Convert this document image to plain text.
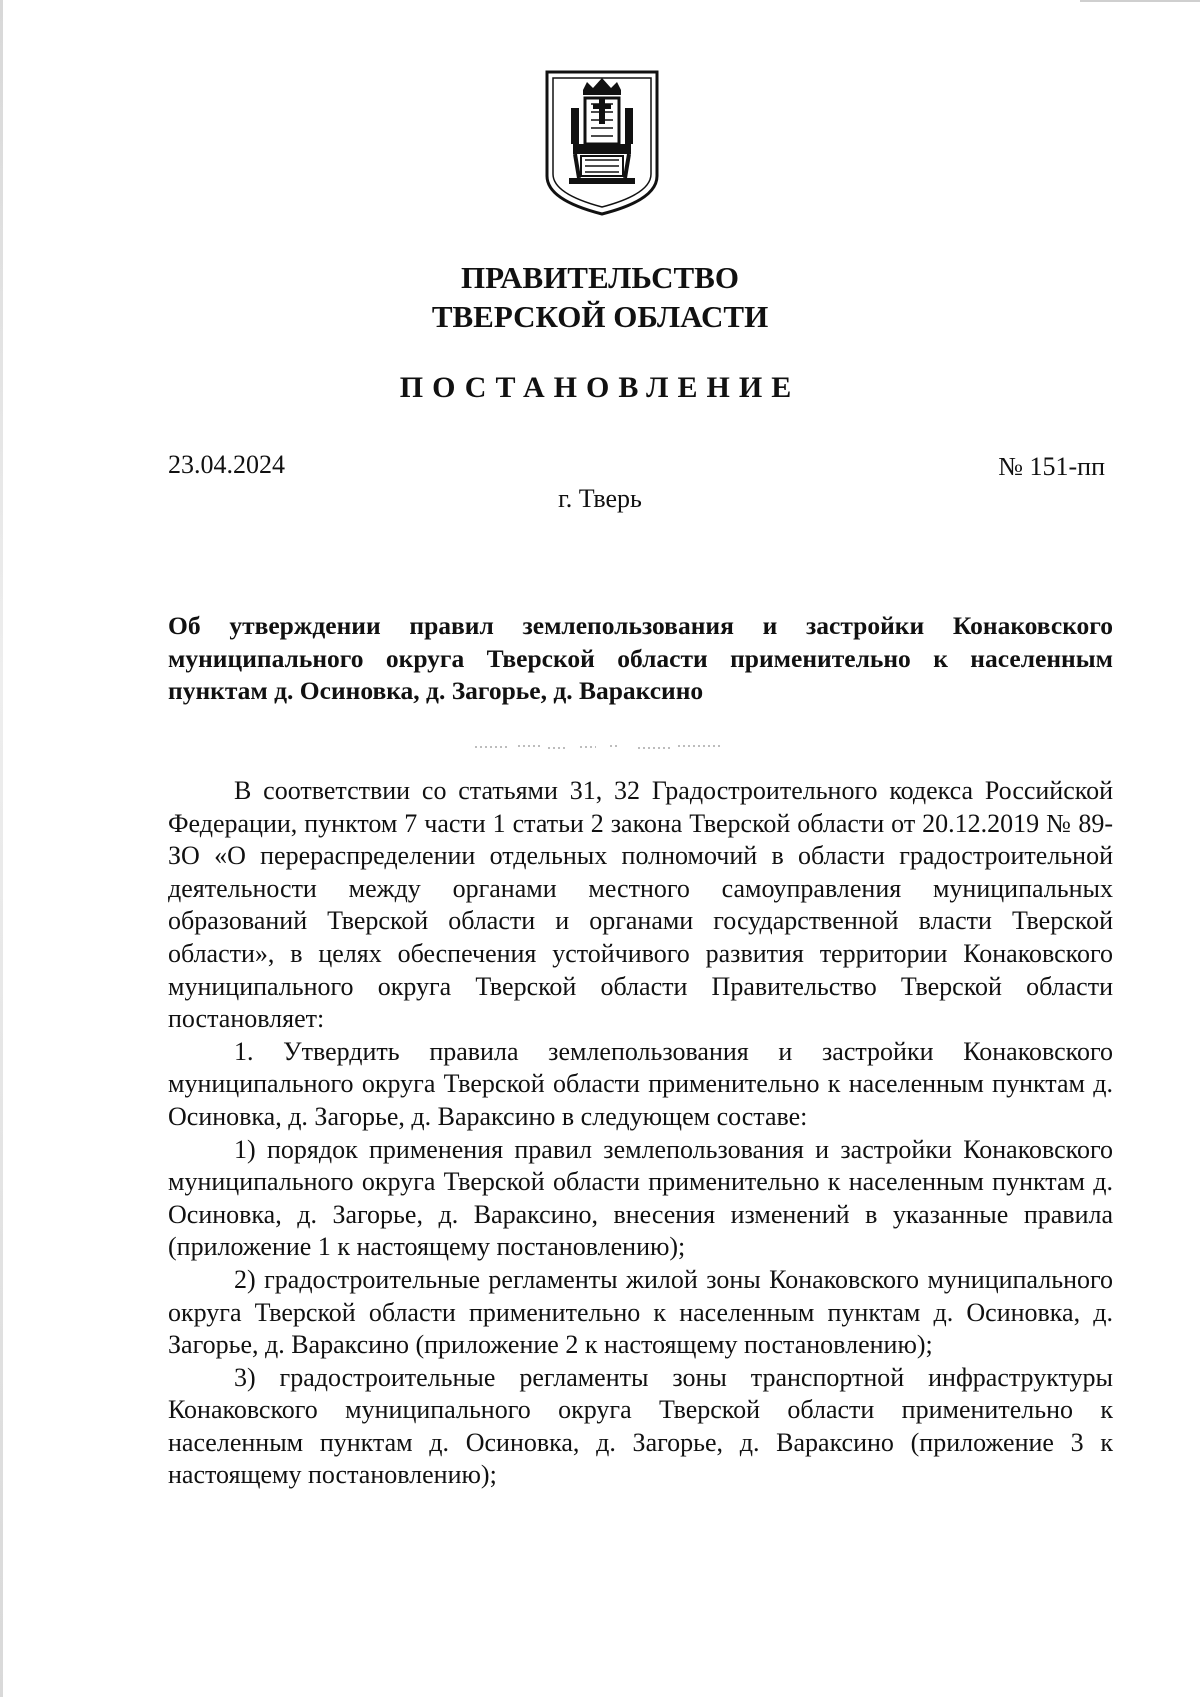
ПРАВИТЕЛЬСТВО
ТВЕРСКОЙ ОБЛАСТИ
ПОСТАНОВЛЕНИЕ
23.04.2024	№ 151-пп
г. Тверь
Об утверждении правил землепользования и застройки Конаковского муниципального округа Тверской области применительно к населенным пунктам д. Осиновка, д. Загорье, д. Вараксино

В соответствии со статьями 31, 32 Градостроительного кодекса Российской Федерации, пунктом 7 части 1 статьи 2 закона Тверской области от 20.12.2019 № 89-ЗО «О перераспределении отдельных полномочий в области градостроительной деятельности между органами местного самоуправления муниципальных образований Тверской области и органами государственной власти Тверской области», в целях обеспечения устойчивого развития территории Конаковского муниципального округа Тверской области Правительство Тверской области постановляет:

1. Утвердить правила землепользования и застройки Конаковского муниципального округа Тверской области применительно к населенным пунктам д. Осиновка, д. Загорье, д. Вараксино в следующем составе:

1) порядок применения правил землепользования и застройки Конаковского муниципального округа Тверской области применительно к населенным пунктам д. Осиновка, д. Загорье, д. Вараксино, внесения изменений в указанные правила (приложение 1 к настоящему постановлению);

2) градостроительные регламенты жилой зоны Конаковского муниципального округа Тверской области применительно к населенным пунктам д. Осиновка, д. Загорье, д. Вараксино (приложение 2 к настоящему постановлению);

3) градостроительные регламенты зоны транспортной инфраструктуры Конаковского муниципального округа Тверской области применительно к населенным пунктам д. Осиновка, д. Загорье, д. Вараксино (приложение 3 к настоящему постановлению);
